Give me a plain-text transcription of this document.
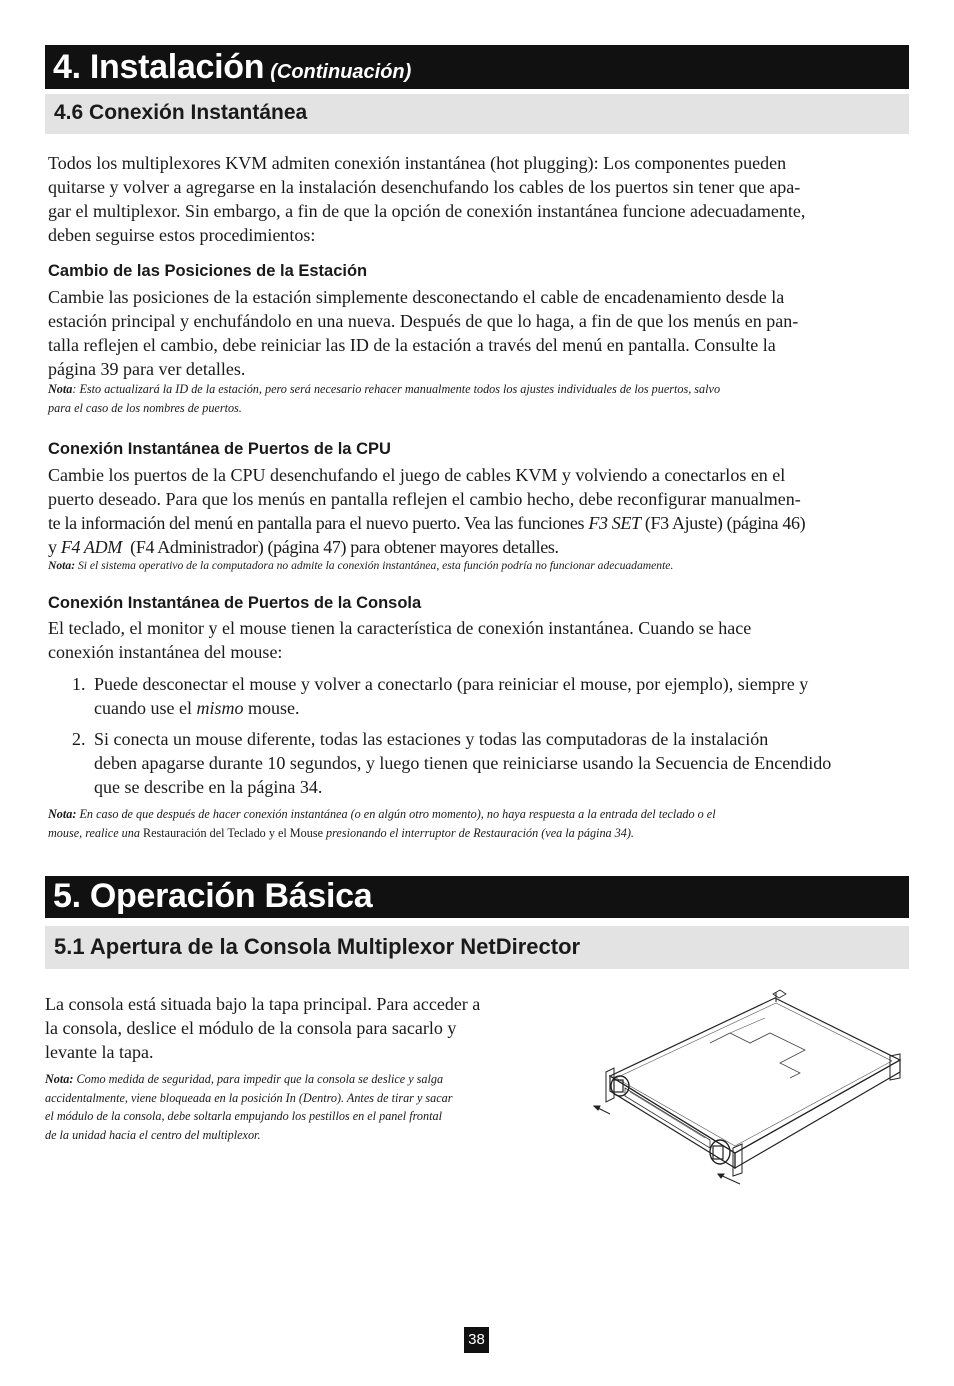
4. Instalación (Continuación)
4.6 Conexión Instantánea
Todos los multiplexores KVM admiten conexión instantánea (hot plugging): Los componentes pueden
quitarse y volver a agregarse en la instalación desenchufando los cables de los puertos sin tener que apa-
gar el multiplexor. Sin embargo, a fin de que la opción de conexión instantánea funcione adecuadamente,
deben seguirse estos procedimientos:
Cambio de las Posiciones de la Estación
Cambie las posiciones de la estación simplemente desconectando el cable de encadenamiento desde la
estación principal y enchufándolo en una nueva. Después de que lo haga, a fin de que los menús en pan-
talla reflejen el cambio, debe reiniciar las ID de la estación a través del menú en pantalla. Consulte la
página 39 para ver detalles.
Nota: Esto actualizará la ID de la estación, pero será necesario rehacer manualmente todos los ajustes individuales de los puertos, salvo
para el caso de los nombres de puertos.
Conexión Instantánea de Puertos de la CPU
Cambie los puertos de la CPU desenchufando el juego de cables KVM y volviendo a conectarlos en el
puerto deseado. Para que los menús en pantalla reflejen el cambio hecho, debe reconfigurar manualmen-
te la información del menú en pantalla para el nuevo puerto. Vea las funciones F3 SET (F3 Ajuste) (página 46)
y F4 ADM  (F4 Administrador) (página 47) para obtener mayores detalles.
Nota: Si el sistema operativo de la computadora no admite la conexión instantánea, esta función podría no funcionar adecuadamente.
Conexión Instantánea de Puertos de la Consola
El teclado, el monitor y el mouse tienen la característica de conexión instantánea. Cuando se hace
conexión instantánea del mouse:
1. Puede desconectar el mouse y volver a conectarlo (para reiniciar el mouse, por ejemplo), siempre y
cuando use el mismo mouse.
2. Si conecta un mouse diferente, todas las estaciones y todas las computadoras de la instalación
deben apagarse durante 10 segundos, y luego tienen que reiniciarse usando la Secuencia de Encendido
que se describe en la página 34.
Nota: En caso de que después de hacer conexión instantánea (o en algún otro momento), no haya respuesta a la entrada del teclado o el
mouse, realice una Restauración del Teclado y el Mouse presionando el interruptor de Restauración (vea la página 34).
5. Operación Básica
5.1 Apertura de la Consola Multiplexor NetDirector
La consola está situada bajo la tapa principal. Para acceder a
la consola, deslice el módulo de la consola para sacarlo y
levante la tapa.
Nota: Como medida de seguridad, para impedir que la consola se deslice y salga
accidentalmente, viene bloqueada en la posición In (Dentro). Antes de tirar y sacar
el módulo de la consola, debe soltarla empujando los pestillos en el panel frontal
de la unidad hacia el centro del multiplexor.
38
